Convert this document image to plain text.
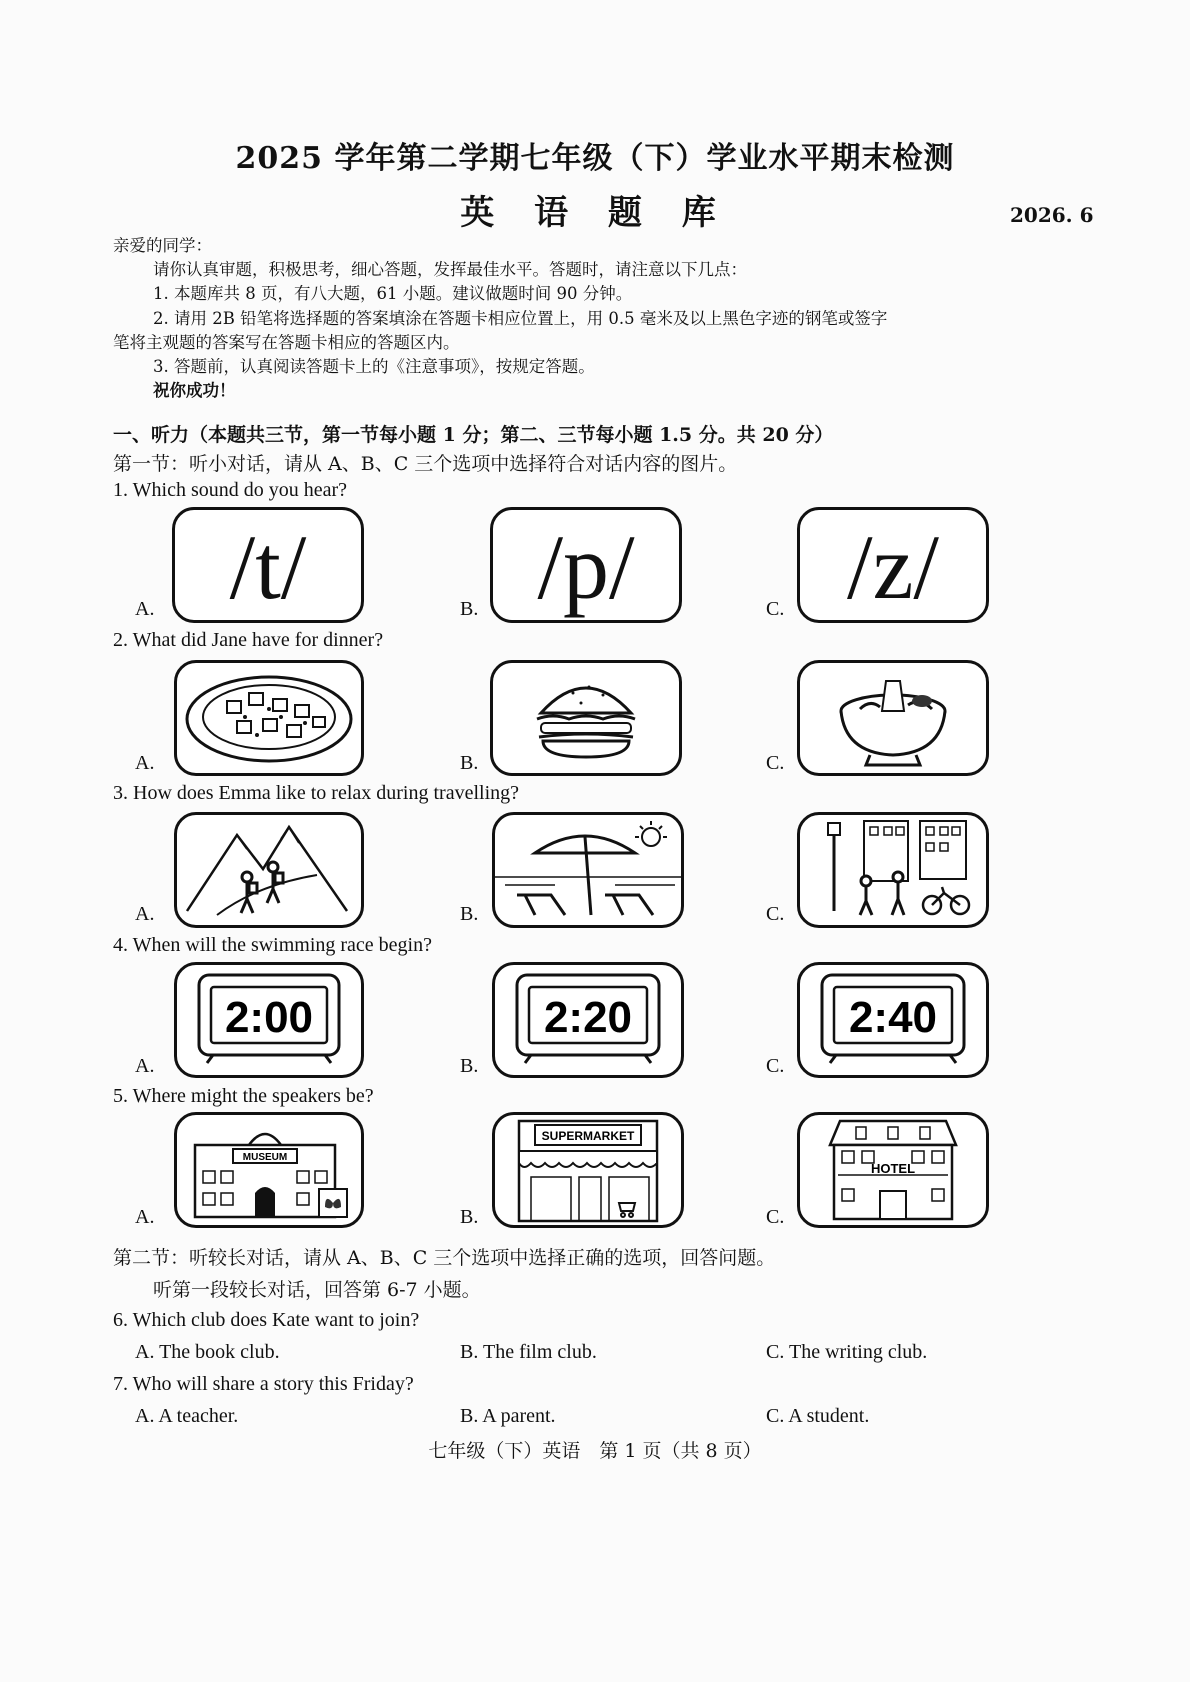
2025 学年第二学期七年级（下）学业水平期末检测
英 语 题 库	2026. 6
亲爱的同学：
请你认真审题，积极思考，细心答题，发挥最佳水平。答题时，请注意以下几点：
1. 本题库共 8 页，有八大题，61 小题。建议做题时间 90 分钟。
2. 请用 2B 铅笔将选择题的答案填涂在答题卡相应位置上，用 0.5 毫米及以上黑色字迹的钢笔或签字
笔将主观题的答案写在答题卡相应的答题区内。
3. 答题前，认真阅读答题卡上的《注意事项》，按规定答题。
祝你成功！
一、听力（本题共三节，第一节每小题 1 分；第二、三节每小题 1.5 分。共 20 分）
第一节：听小对话，请从 A、B、C 三个选项中选择符合对话内容的图片。
1. Which sound do you hear?
A. /t/	B. /p/	C. /z/
2. What did Jane have for dinner?
A.	B.	C.
3. How does Emma like to relax during travelling?
A.	B.	C.
4. When will the swimming race begin?
A.
2:00
B.
2:20
C.
2:40
5. Where might the speakers be?
A.
MUSEUM
B.
SUPERMARKET
C.
HOTEL
第二节：听较长对话，请从 A、B、C 三个选项中选择正确的选项，回答问题。
听第一段较长对话，回答第 6-7 小题。
6. Which club does Kate want to join?
A. The book club.	B. The film club.	C. The writing club.
7. Who will share a story this Friday?
A. A teacher.	B. A parent.	C. A student.
七年级（下）英语　第 1 页（共 8 页）
